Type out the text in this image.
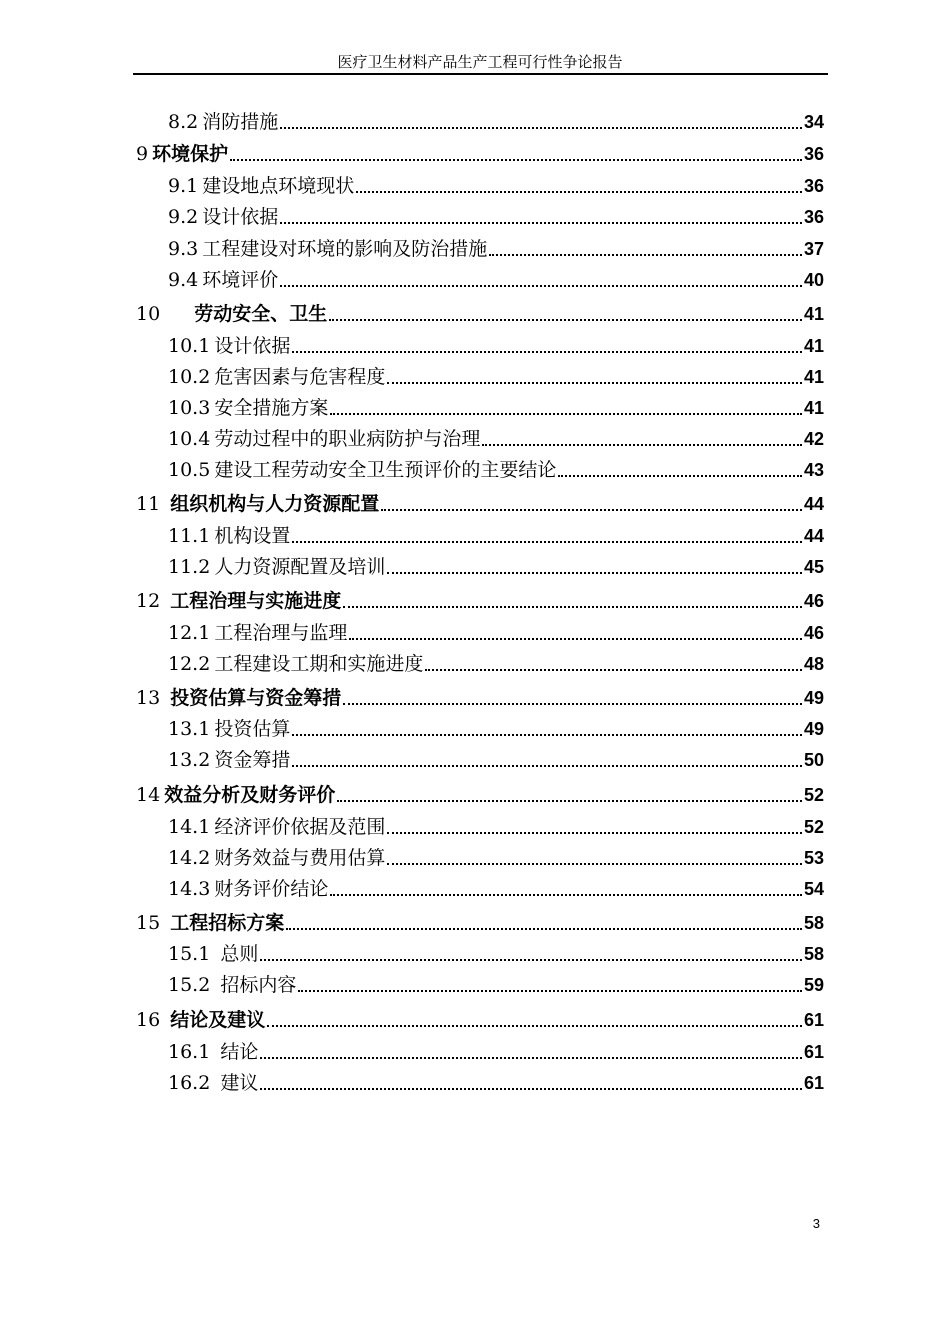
医疗卫生材料产品生产工程可行性争论报告
8.2 消防措施	34
9 环境保护	36
9.1 建设地点环境现状	36
9.2 设计依据	36
9.3 工程建设对环境的影响及防治措施	37
9.4 环境评价	40
10 劳动安全、卫生	41
10.1 设计依据	41
10.2 危害因素与危害程度	41
10.3 安全措施方案	41
10.4 劳动过程中的职业病防护与治理	42
10.5 建设工程劳动安全卫生预评价的主要结论	43
11 组织机构与人力资源配置	44
11.1 机构设置	44
11.2 人力资源配置及培训	45
12 工程治理与实施进度	46
12.1 工程治理与监理	46
12.2 工程建设工期和实施进度	48
13 投资估算与资金筹措	49
13.1 投资估算	49
13.2 资金筹措	50
14 效益分析及财务评价	52
14.1 经济评价依据及范围	52
14.2 财务效益与费用估算	53
14.3 财务评价结论	54
15 工程招标方案	58
15.1 总则	58
15.2 招标内容	59
16 结论及建议	61
16.1 结论	61
16.2 建议	61
3
